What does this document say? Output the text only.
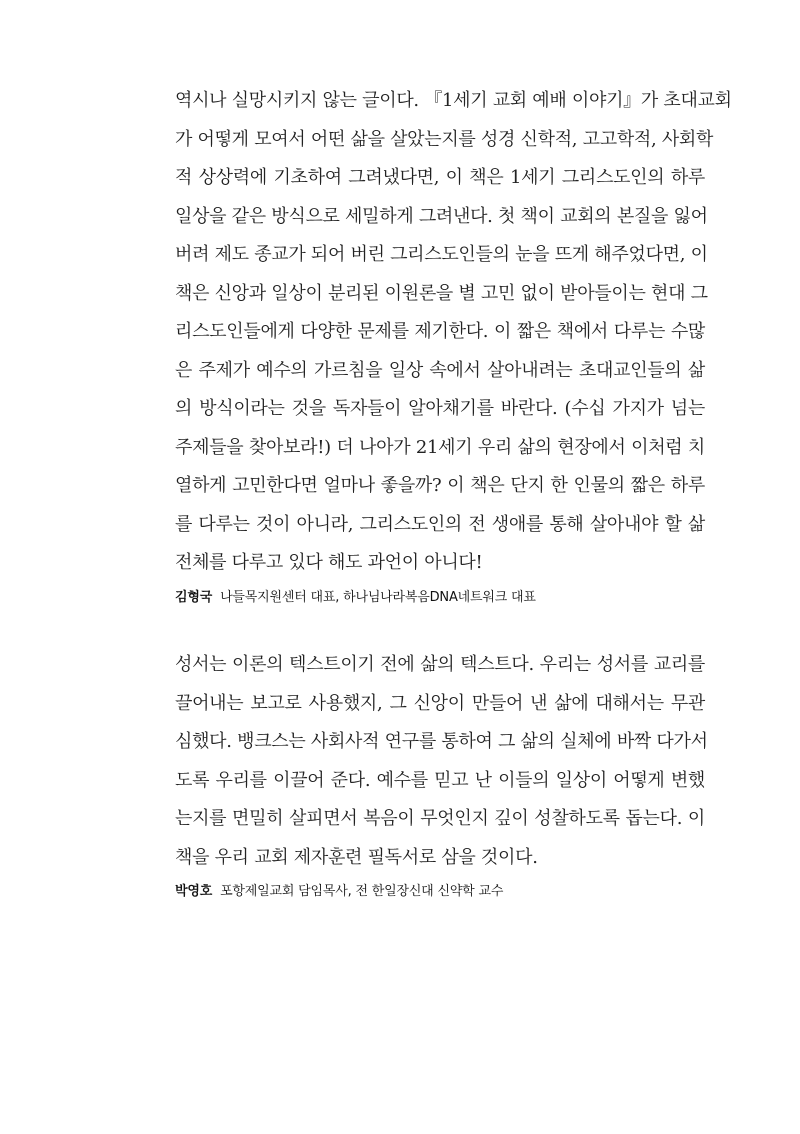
역시나 실망시키지 않는 글이다. 『1세기 교회 예배 이야기』가 초대교회
가 어떻게 모여서 어떤 삶을 살았는지를 성경 신학적, 고고학적, 사회학
적 상상력에 기초하여 그려냈다면, 이 책은 1세기 그리스도인의 하루
일상을 같은 방식으로 세밀하게 그려낸다. 첫 책이 교회의 본질을 잃어
버려 제도 종교가 되어 버린 그리스도인들의 눈을 뜨게 해주었다면, 이
책은 신앙과 일상이 분리된 이원론을 별 고민 없이 받아들이는 현대 그
리스도인들에게 다양한 문제를 제기한다. 이 짧은 책에서 다루는 수많
은 주제가 예수의 가르침을 일상 속에서 살아내려는 초대교인들의 삶
의 방식이라는 것을 독자들이 알아채기를 바란다. (수십 가지가 넘는
주제들을 찾아보라!) 더 나아가 21세기 우리 삶의 현장에서 이처럼 치
열하게 고민한다면 얼마나 좋을까? 이 책은 단지 한 인물의 짧은 하루
를 다루는 것이 아니라, 그리스도인의 전 생애를 통해 살아내야 할 삶
전체를 다루고 있다 해도 과언이 아니다!
김형국 나들목지원센터 대표, 하나님나라복음DNA네트워크 대표
성서는 이론의 텍스트이기 전에 삶의 텍스트다. 우리는 성서를 교리를
끌어내는 보고로 사용했지, 그 신앙이 만들어 낸 삶에 대해서는 무관
심했다. 뱅크스는 사회사적 연구를 통하여 그 삶의 실체에 바짝 다가서
도록 우리를 이끌어 준다. 예수를 믿고 난 이들의 일상이 어떻게 변했
는지를 면밀히 살피면서 복음이 무엇인지 깊이 성찰하도록 돕는다. 이
책을 우리 교회 제자훈련 필독서로 삼을 것이다.
박영호 포항제일교회 담임목사, 전 한일장신대 신약학 교수
